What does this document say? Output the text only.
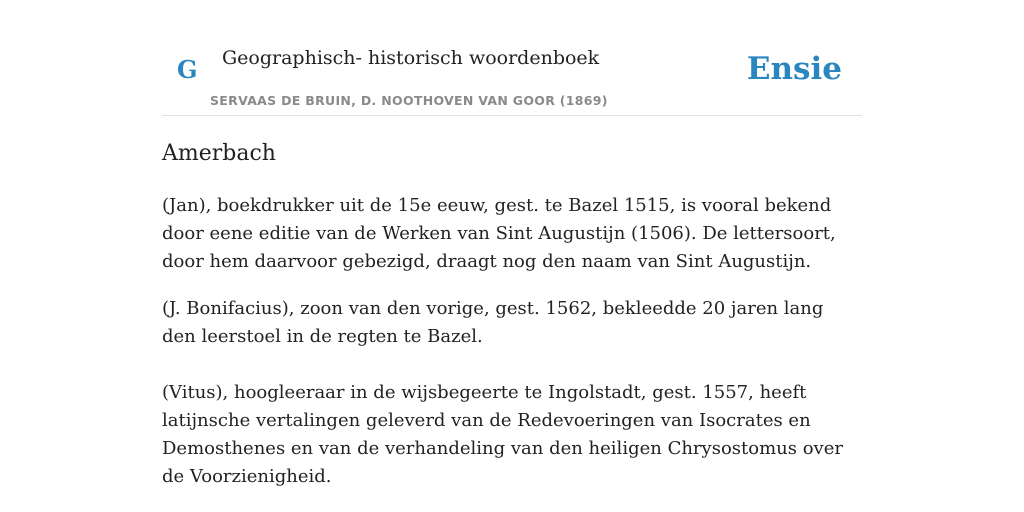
G Geographisch- historisch woordenboek
SERVAAS DE BRUIN, D. NOOTHOVEN VAN GOOR (1869)
Ensie
Amerbach

(Jan), boekdrukker uit de 15e eeuw, gest. te Bazel 1515, is vooral bekend door eene editie van de Werken van Sint Augustijn (1506). De lettersoort, door hem daarvoor gebezigd, draagt nog den naam van Sint Augustijn.

(J. Bonifacius), zoon van den vorige, gest. 1562, bekleedde 20 jaren lang den leerstoel in de regten te Bazel.

(Vitus), hoogleeraar in de wijsbegeerte te Ingolstadt, gest. 1557, heeft latijnsche vertalingen geleverd van de Redevoeringen van Isocrates en Demosthenes en van de verhandeling van den heiligen Chrysostomus over de Voorzienigheid.
